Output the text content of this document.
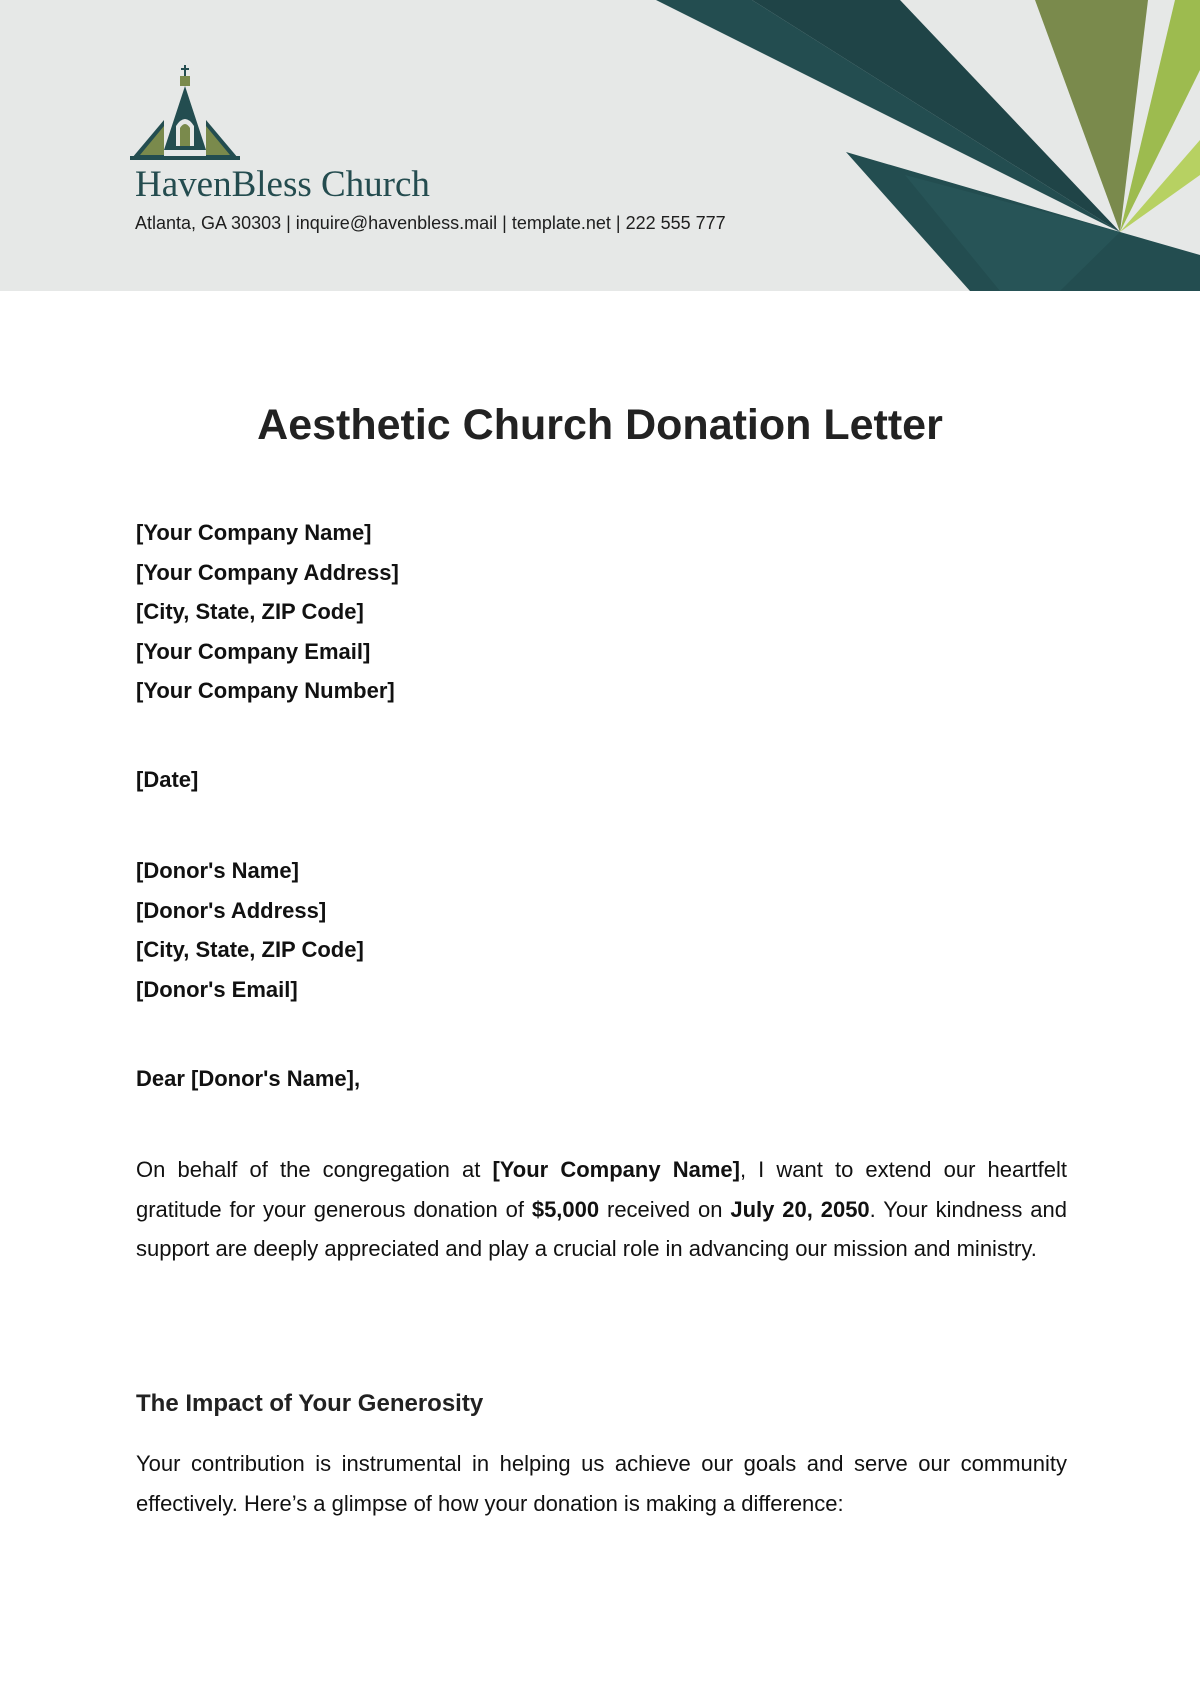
HavenBless Church
Atlanta, GA 30303 | inquire@havenbless.mail | template.net | 222 555 777
Aesthetic Church Donation Letter
[Your Company Name]
[Your Company Address]
[City, State, ZIP Code]
[Your Company Email]
[Your Company Number]
[Date]
[Donor's Name]
[Donor's Address]
[City, State, ZIP Code]
[Donor's Email]
Dear [Donor's Name],
On behalf of the congregation at [Your Company Name], I want to extend our heartfelt gratitude for your generous donation of $5,000 received on July 20, 2050. Your kindness and support are deeply appreciated and play a crucial role in advancing our mission and ministry.
The Impact of Your Generosity
Your contribution is instrumental in helping us achieve our goals and serve our community effectively. Here’s a glimpse of how your donation is making a difference:
